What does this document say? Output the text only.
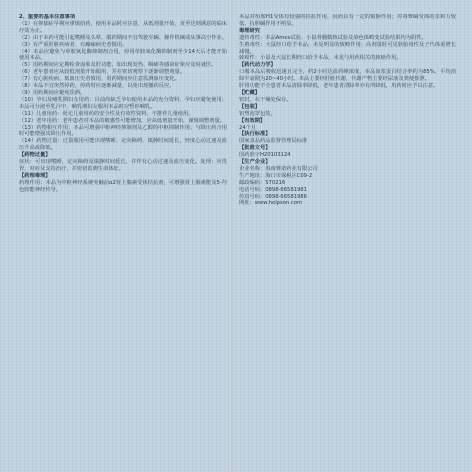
2、重要的基本注意事项

（1）在抑郁症早期应谨慎给药，使用本品时应注意，从低剂量开始，直至达到满意的临床疗效为止。

（2）由于本药可能引起嗜睡及头晕，服药期间不宜驾驶车辆、操作机械或从事高空作业。

（3）有严重肝脏疾病者、有癫痫病史者慎用。

（4）本品应避免与单胺氧化酶抑制剂合用，停用单胺氧化酶抑制剂至少14天后才能开始使用本品。

（5）用药期间应定期检查血象及肝功能，如出现发热、咽痛等感染征象应及时就医。

（6）老年患者应从较低剂量开始服用，并在密切观察下逐渐调整剂量。

（7）有心脏疾病、低血压史者慎用，用药期间应注意监测血压变化。

（8）本品不宜突然停药，停药时应逐渐减量，以免出现撤药反应。

（9）用药期间应避免饮酒。

（10）孕妇及哺乳期妇女用药：目前尚缺乏孕妇使用本品的充分资料，孕妇应避免使用；本品可分泌至乳汁中，哺乳期妇女服用本品时应暂停哺乳。

（11）儿童用药：尚无儿童用药的安全性及有效性资料，不推荐儿童使用。

（12）老年用药：老年患者对本品的敏感性可能增加，应从低剂量开始，谨慎调整剂量。

（13）药物相互作用：本品可增强中枢神经抑制剂及乙醇的中枢抑制作用；与降压药合用时可能增强其降压作用。

（14）药物过量：过量服用可能出现嗜睡、定向障碍、镇静时间延长，轻度心动过速及血压升高或降低。

【药物过量】

症状：可出现嗜睡、定向障碍及镇静时间延长，并伴有心动过速及血压变化。处理：应洗胃、对症及支持治疗，并密切监测生命体征。

【药理毒理】

药理作用：本品为中枢神经系统突触前α2肾上腺素受体拮抗剂，可增强肾上腺素能及5-羟色胺能神经传导。

本品对组胺H1受体有较强的拮抗作用，因而具有一定的镇静作用；对毒蕈碱受体的亲和力较低，抗胆碱作用不明显。

毒理研究

遗传毒性：本品Ames试验、小鼠骨髓微核试验及染色体畸变试验结果均为阴性。

生殖毒性：大鼠经口给予本品，未见明显的致畸作用；高剂量时可见胚胎毒性及子代体重增长减慢。

致癌性：小鼠及大鼠长期经口给予本品，未见与用药相关的致癌作用。

【药代动力学】

口服本品后吸收迅速且完全，约2小时达血药峰浓度。本品血浆蛋白结合率约为85%，平均消除半衰期为20~40小时。本品主要经肝脏代谢，代谢产物主要经尿液及粪便排泄。

肝肾功能不全患者本品清除率降低，老年患者清除率亦有所降低，用药时应予以注意。

【贮藏】

密封，在干燥处保存。

【包装】

铝塑泡罩包装。

【有效期】

24个月

【执行标准】

国家食品药品监督管理局标准

【批准文号】

国药准字H20103124

【生产企业】

企业名称：海南赛诺药业有限公司

生产地址：海口市保税区C09-2

邮政编码：570216

电话号码：0898-66581981

传真号码：0898-66581986

网址：www.helpson.com
